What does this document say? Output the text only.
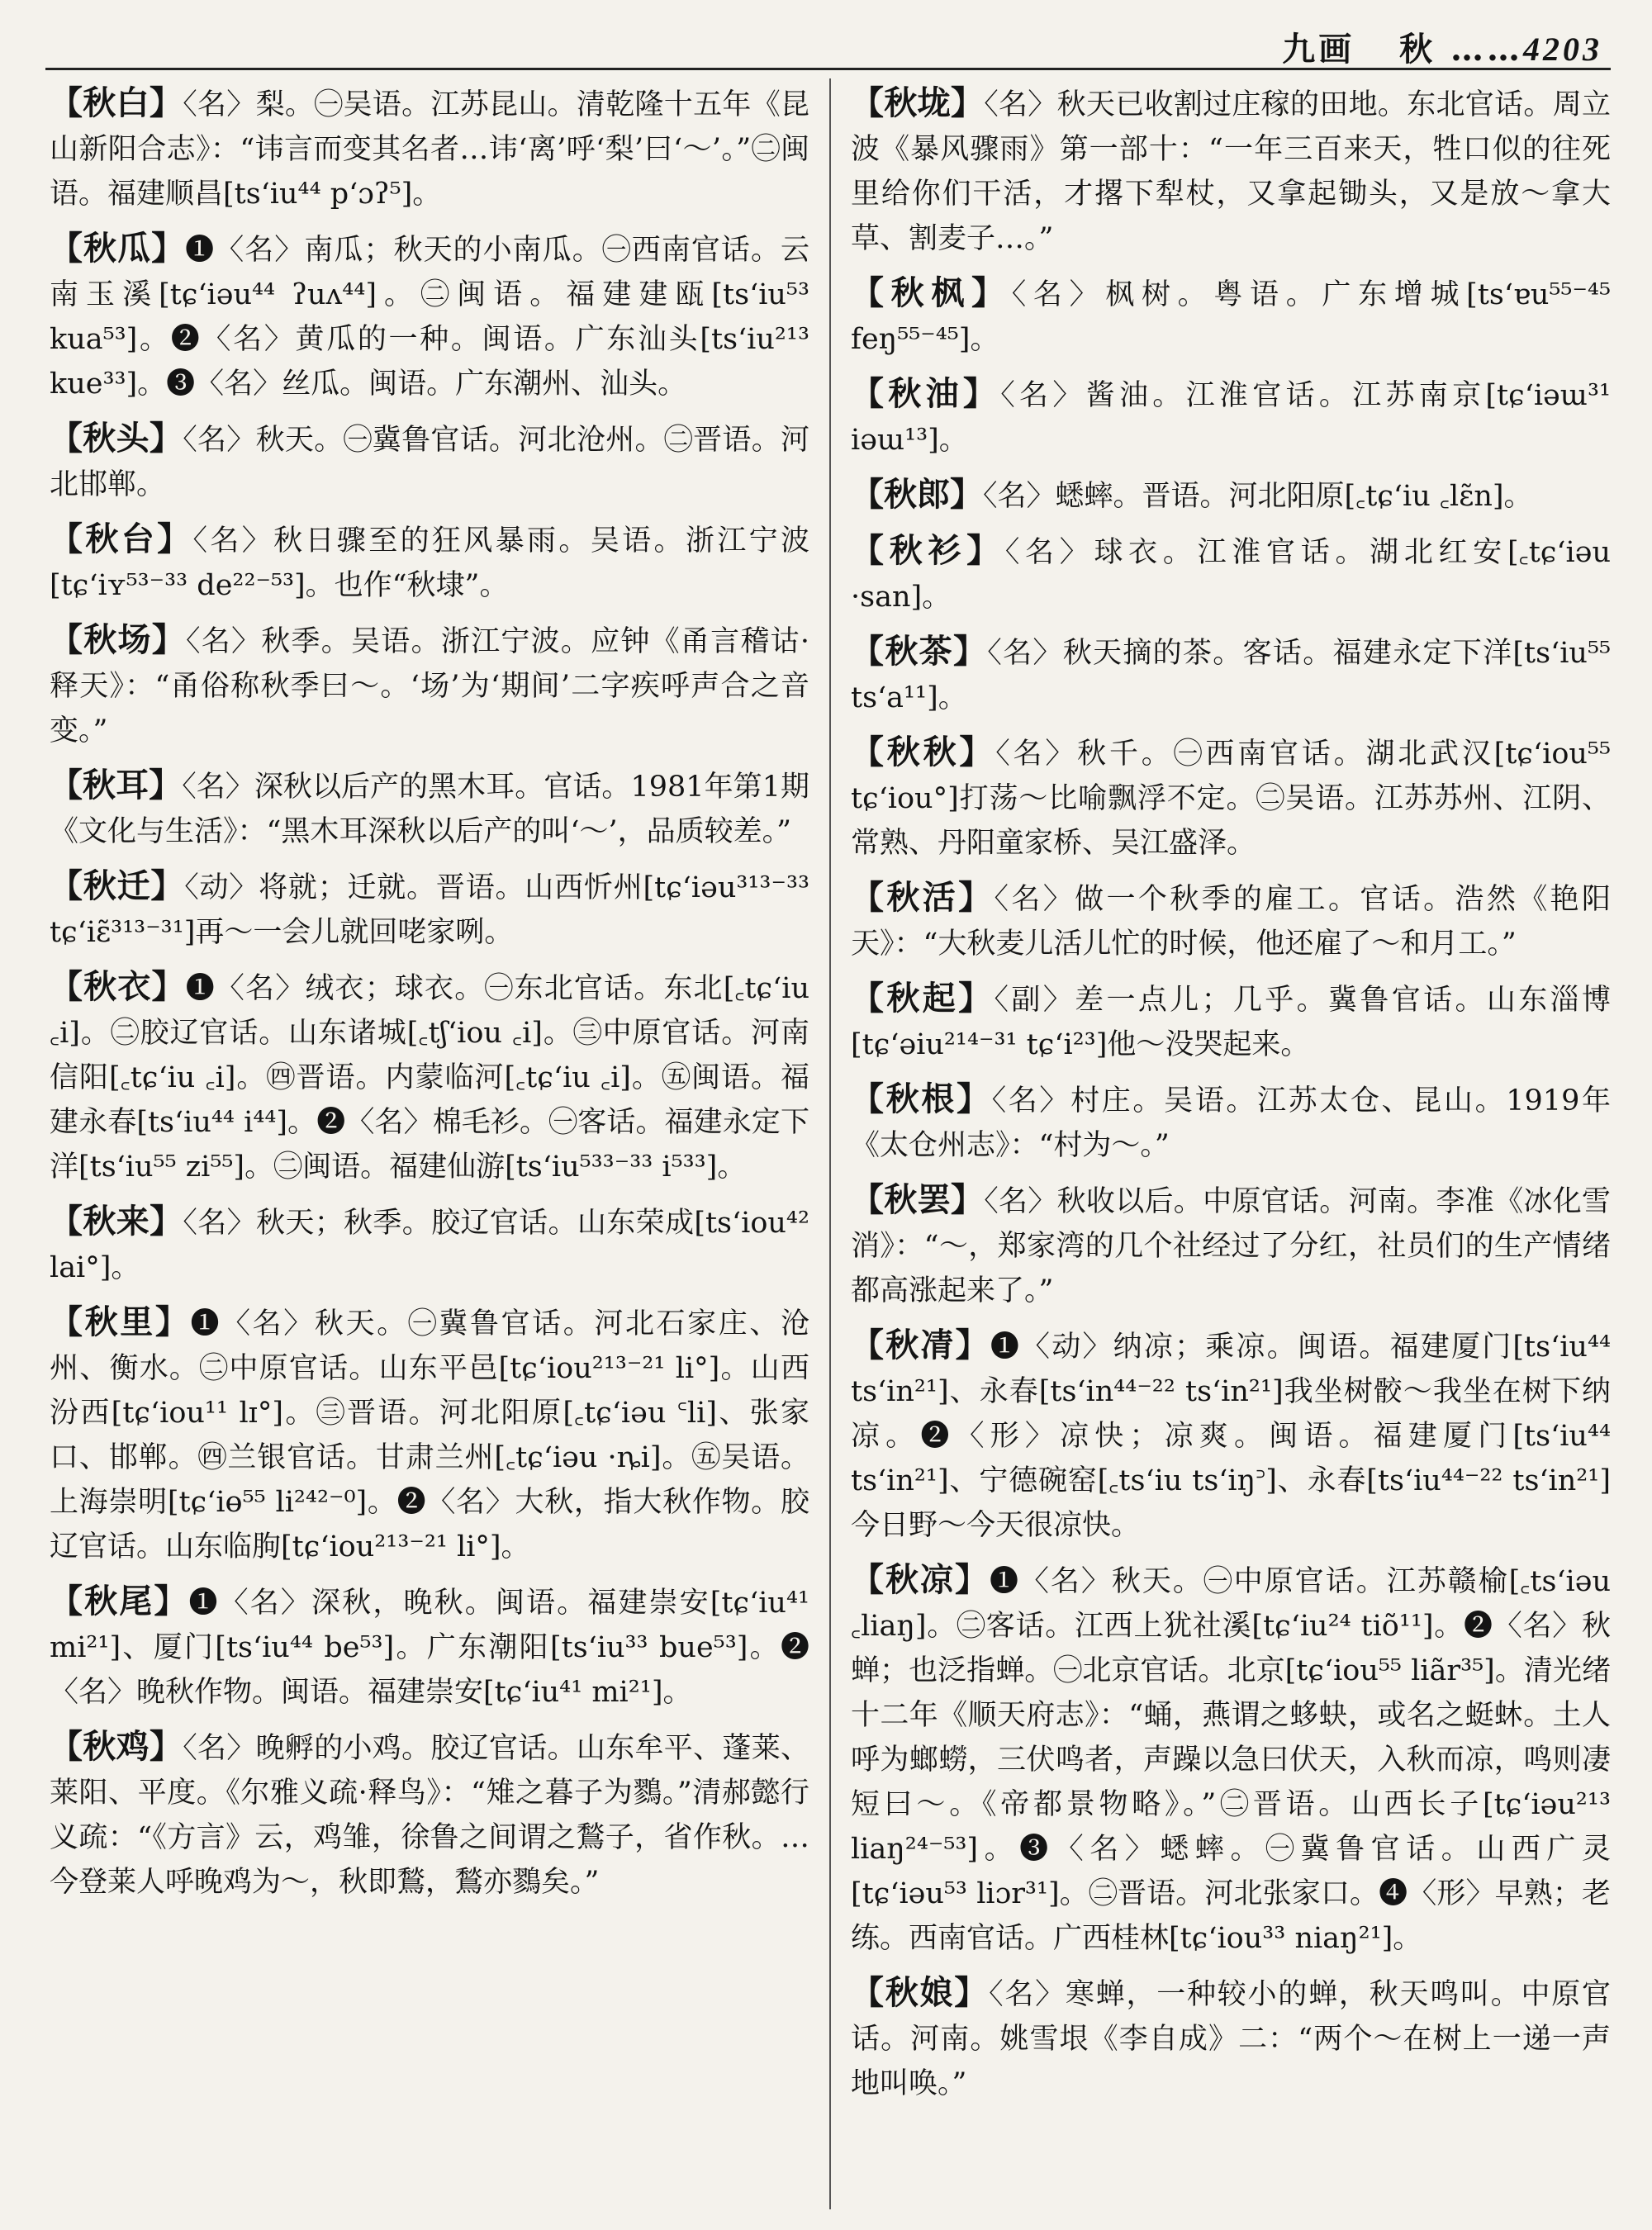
九画 秋 ……4203

【秋白】〈名〉梨。㊀吴语。江苏昆山。清乾隆十五年《昆山新阳合志》：“讳言而变其名者…讳‘离’呼‘梨’曰‘～’。”㊁闽语。福建顺昌[tsʻiu⁴⁴ pʻɔʔ⁵]。

【秋瓜】❶〈名〉南瓜；秋天的小南瓜。㊀西南官话。云南玉溪[tɕʻiəu⁴⁴ ʔuʌ⁴⁴]。㊁闽语。福建建瓯[tsʻiu⁵³ kua⁵³]。❷〈名〉黄瓜的一种。闽语。广东汕头[tsʻiu²¹³ kue³³]。❸〈名〉丝瓜。闽语。广东潮州、汕头。

【秋头】〈名〉秋天。㊀冀鲁官话。河北沧州。㊁晋语。河北邯郸。

【秋台】〈名〉秋日骤至的狂风暴雨。吴语。浙江宁波[tɕʻiʏ⁵³⁻³³ de²²⁻⁵³]。也作“秋埭”。

【秋场】〈名〉秋季。吴语。浙江宁波。应钟《甬言稽诂·释天》：“甬俗称秋季曰～。‘场’为‘期间’二字疾呼声合之音变。”

【秋耳】〈名〉深秋以后产的黑木耳。官话。1981年第1期《文化与生活》：“黑木耳深秋以后产的叫‘～’，品质较差。”

【秋迁】〈动〉将就；迁就。晋语。山西忻州[tɕʻiəu³¹³⁻³³ tɕʻiɛ̃³¹³⁻³¹]再～一会儿就回咾家咧。

【秋衣】❶〈名〉绒衣；球衣。㊀东北官话。东北[꜀tɕʻiu ꜀i]。㊁胶辽官话。山东诸城[꜀tʃʻiou ꜀i]。㊂中原官话。河南信阳[꜀tɕʻiu ꜀i]。㊃晋语。内蒙临河[꜀tɕʻiu ꜀i]。㊄闽语。福建永春[tsʻiu⁴⁴ i⁴⁴]。❷〈名〉棉毛衫。㊀客话。福建永定下洋[tsʻiu⁵⁵ zi⁵⁵]。㊁闽语。福建仙游[tsʻiu⁵³³⁻³³ i⁵³³]。

【秋来】〈名〉秋天；秋季。胶辽官话。山东荣成[tsʻiou⁴² lai°]。

【秋里】❶〈名〉秋天。㊀冀鲁官话。河北石家庄、沧州、衡水。㊁中原官话。山东平邑[tɕʻiou²¹³⁻²¹ li°]。山西汾西[tɕʻiou¹¹ lɪ°]。㊂晋语。河北阳原[꜀tɕʻiəu ꜂li]、张家口、邯郸。㊃兰银官话。甘肃兰州[꜀tɕʻiəu ·ȵi]。㊄吴语。上海崇明[tɕʻiɵ⁵⁵ li²⁴²⁻⁰]。❷〈名〉大秋，指大秋作物。胶辽官话。山东临朐[tɕʻiou²¹³⁻²¹ li°]。

【秋尾】❶〈名〉深秋，晚秋。闽语。福建崇安[tɕʻiu⁴¹ mi²¹]、厦门[tsʻiu⁴⁴ be⁵³]。广东潮阳[tsʻiu³³ bue⁵³]。❷〈名〉晚秋作物。闽语。福建崇安[tɕʻiu⁴¹ mi²¹]。

【秋鸡】〈名〉晚孵的小鸡。胶辽官话。山东牟平、蓬莱、莱阳、平度。《尔雅义疏·释鸟》：“雉之暮子为鷚。”清郝懿行义疏：“《方言》云，鸡雏，徐鲁之间谓之鶖子，省作秋。…今登莱人呼晚鸡为～，秋即鶖，鶖亦鷚矣。”

【秋垅】〈名〉秋天已收割过庄稼的田地。东北官话。周立波《暴风骤雨》第一部十：“一年三百来天，牲口似的往死里给你们干活，才撂下犁杖，又拿起锄头，又是放～拿大草、割麦子…。”

【秋枫】〈名〉枫树。粤语。广东增城[tsʻɐu⁵⁵⁻⁴⁵ feŋ⁵⁵⁻⁴⁵]。

【秋油】〈名〉酱油。江淮官话。江苏南京[tɕʻiəɯ³¹ iəɯ¹³]。

【秋郎】〈名〉蟋蟀。晋语。河北阳原[꜀tɕʻiu ꜀lɛ̃n]。

【秋衫】〈名〉球衣。江淮官话。湖北红安[꜀tɕʻiəu ·san]。

【秋茶】〈名〉秋天摘的茶。客话。福建永定下洋[tsʻiu⁵⁵ tsʻa¹¹]。

【秋秋】〈名〉秋千。㊀西南官话。湖北武汉[tɕʻiou⁵⁵ tɕʻiou°]打荡～比喻飘浮不定。㊁吴语。江苏苏州、江阴、常熟、丹阳童家桥、吴江盛泽。

【秋活】〈名〉做一个秋季的雇工。官话。浩然《艳阳天》：“大秋麦儿活儿忙的时候，他还雇了～和月工。”

【秋起】〈副〉差一点儿；几乎。冀鲁官话。山东淄博[tɕʻəiu²¹⁴⁻³¹ tɕʻi²³]他～没哭起来。

【秋根】〈名〉村庄。吴语。江苏太仓、昆山。1919年《太仓州志》：“村为～。”

【秋罢】〈名〉秋收以后。中原官话。河南。李准《冰化雪消》：“～，郑家湾的几个社经过了分红，社员们的生产情绪都高涨起来了。”

【秋凊】❶〈动〉纳凉；乘凉。闽语。福建厦门[tsʻiu⁴⁴ tsʻin²¹]、永春[tsʻin⁴⁴⁻²² tsʻin²¹]我坐树骹～我坐在树下纳凉。❷〈形〉凉快；凉爽。闽语。福建厦门[tsʻiu⁴⁴ tsʻin²¹]、宁德碗窑[꜀tsʻiu tsʻiŋ꜄]、永春[tsʻiu⁴⁴⁻²² tsʻin²¹]今日野～今天很凉快。

【秋凉】❶〈名〉秋天。㊀中原官话。江苏赣榆[꜀tsʻiəu ꜀liaŋ]。㊁客话。江西上犹社溪[tɕʻiu²⁴ tiõ¹¹]。❷〈名〉秋蝉；也泛指蝉。㊀北京官话。北京[tɕʻiou⁵⁵ liãr³⁵]。清光绪十二年《顺天府志》：“蛹，燕谓之蛥蚗，或名之蜓蚞。土人呼为螂蟧，三伏鸣者，声躁以急曰伏天，入秋而凉，鸣则凄短曰～。《帝都景物略》。”㊁晋语。山西长子[tɕʻiəu²¹³ liaŋ²⁴⁻⁵³]。❸〈名〉蟋蟀。㊀冀鲁官话。山西广灵[tɕʻiəu⁵³ liɔr³¹]。㊁晋语。河北张家口。❹〈形〉早熟；老练。西南官话。广西桂林[tɕʻiou³³ niaŋ²¹]。

【秋娘】〈名〉寒蝉，一种较小的蝉，秋天鸣叫。中原官话。河南。姚雪垠《李自成》二：“两个～在树上一递一声地叫唤。”
